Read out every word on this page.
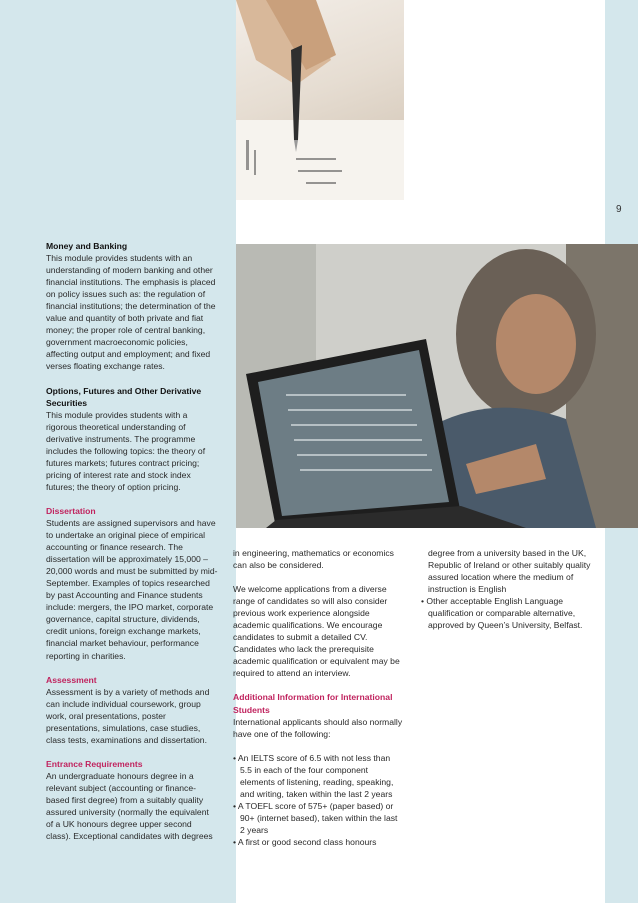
9

Money and Banking
This module provides students with an understanding of modern banking and other financial institutions. The emphasis is placed on policy issues such as: the regulation of financial institutions; the determination of the value and quantity of both private and fiat money; the proper role of central banking, government macroeconomic policies, affecting output and employment; and fixed verses floating exchange rates.

Options, Futures and Other Derivative Securities
This module provides students with a rigorous theoretical understanding of derivative instruments. The programme includes the following topics: the theory of futures markets; futures contract pricing; pricing of interest rate and stock index futures; the theory of option pricing.

Dissertation
Students are assigned supervisors and have to undertake an original piece of empirical accounting or finance research. The dissertation will be approximately 15,000 – 20,000 words and must be submitted by mid-September. Examples of topics researched by past Accounting and Finance students include: mergers, the IPO market, corporate governance, capital structure, dividends, credit unions, foreign exchange markets, financial market behaviour, performance reporting in charities.

Assessment
Assessment is by a variety of methods and can include individual coursework, group work, oral presentations, poster presentations, simulations, case studies, class tests, examinations and dissertation.

Entrance Requirements
An undergraduate honours degree in a relevant subject (accounting or finance-based first degree) from a suitably quality assured university (normally the equivalent of a UK honours degree upper second class). Exceptional candidates with degrees

in engineering, mathematics or economics can also be considered.

We welcome applications from a diverse range of candidates so will also consider previous work experience alongside academic qualifications. We encourage candidates to submit a detailed CV. Candidates who lack the prerequisite academic qualification or equivalent may be required to attend an interview.

Additional Information for International Students
International applicants should also normally have one of the following:

• An IELTS score of 6.5 with not less than 5.5 in each of the four component elements of listening, reading, speaking, and writing, taken within the last 2 years
• A TOEFL score of 575+ (paper based) or 90+ (internet based), taken within the last 2 years
• A first or good second class honours
degree from a university based in the UK, Republic of Ireland or other suitably quality assured location where the medium of instruction is English
• Other acceptable English Language qualification or comparable alternative, approved by Queen’s University, Belfast.
